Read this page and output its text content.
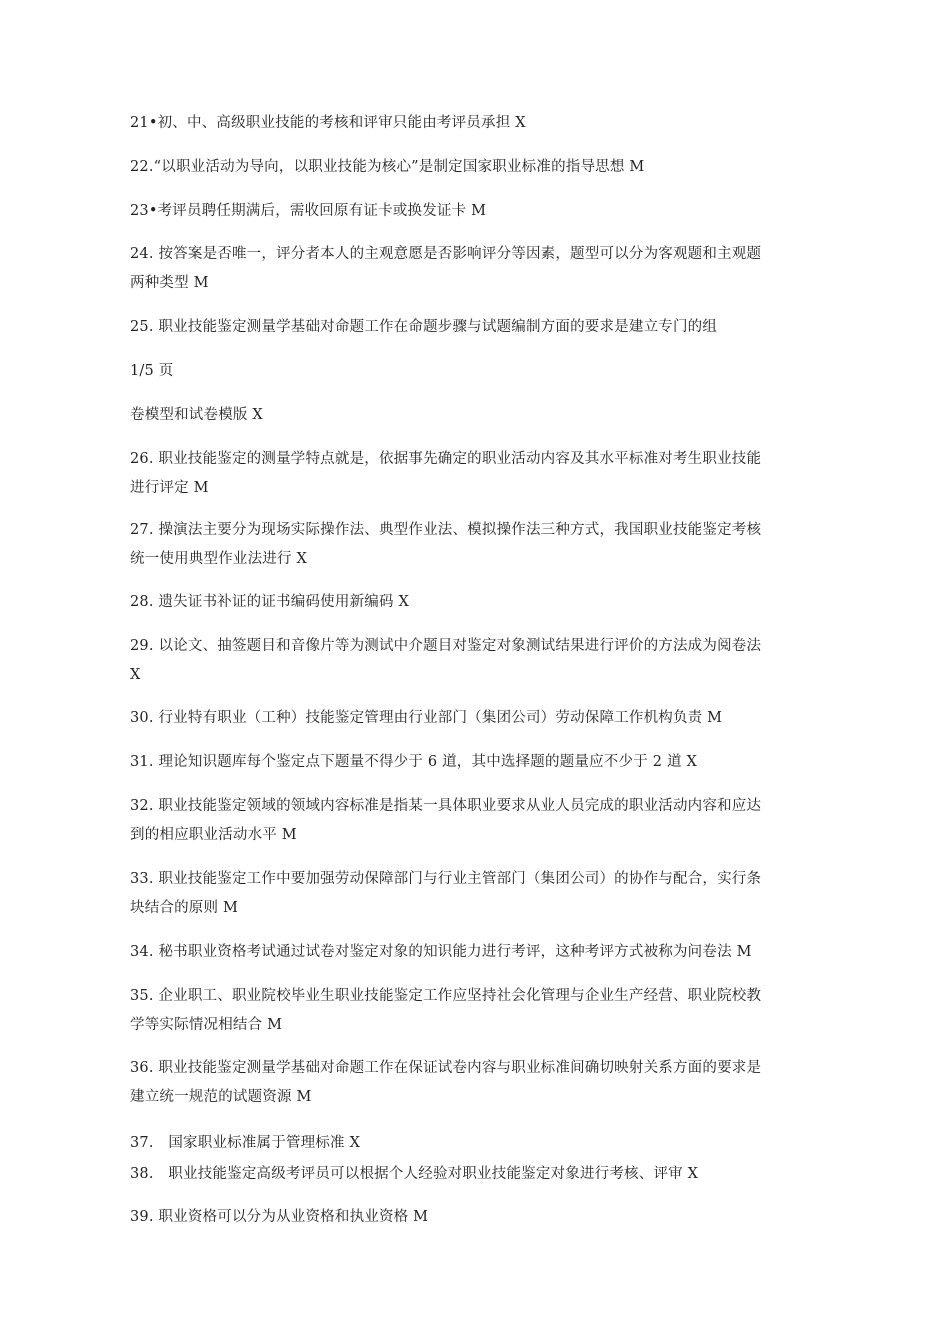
21•初、中、高级职业技能的考核和评审只能由考评员承担 X
22.“以职业活动为导向，以职业技能为核心”是制定国家职业标准的指导思想 M
23•考评员聘任期满后，需收回原有证卡或换发证卡 M
24. 按答案是否唯一，评分者本人的主观意愿是否影响评分等因素，题型可以分为客观题和主观题
两种类型 M
25. 职业技能鉴定测量学基础对命题工作在命题步骤与试题编制方面的要求是建立专门的组
1/5 页
卷模型和试卷模版 X
26. 职业技能鉴定的测量学特点就是，依据事先确定的职业活动内容及其水平标准对考生职业技能
进行评定 M
27. 操演法主要分为现场实际操作法、典型作业法、模拟操作法三种方式，我国职业技能鉴定考核
统一使用典型作业法进行 X
28. 遗失证书补证的证书编码使用新编码 X
29. 以论文、抽签题目和音像片等为测试中介题目对鉴定对象测试结果进行评价的方法成为阅卷法
X
30. 行业特有职业（工种）技能鉴定管理由行业部门（集团公司）劳动保障工作机构负责 M
31. 理论知识题库每个鉴定点下题量不得少于 6 道，其中选择题的题量应不少于 2 道 X
32. 职业技能鉴定领域的领域内容标准是指某一具体职业要求从业人员完成的职业活动内容和应达
到的相应职业活动水平 M
33. 职业技能鉴定工作中要加强劳动保障部门与行业主管部门（集团公司）的协作与配合，实行条
块结合的原则 M
34. 秘书职业资格考试通过试卷对鉴定对象的知识能力进行考评，这种考评方式被称为问卷法 M
35. 企业职工、职业院校毕业生职业技能鉴定工作应坚持社会化管理与企业生产经营、职业院校教
学等实际情况相结合 M
36. 职业技能鉴定测量学基础对命题工作在保证试卷内容与职业标准间确切映射关系方面的要求是
建立统一规范的试题资源 M
37.　国家职业标准属于管理标准 X
38.　职业技能鉴定高级考评员可以根据个人经验对职业技能鉴定对象进行考核、评审 X
39. 职业资格可以分为从业资格和执业资格 M
